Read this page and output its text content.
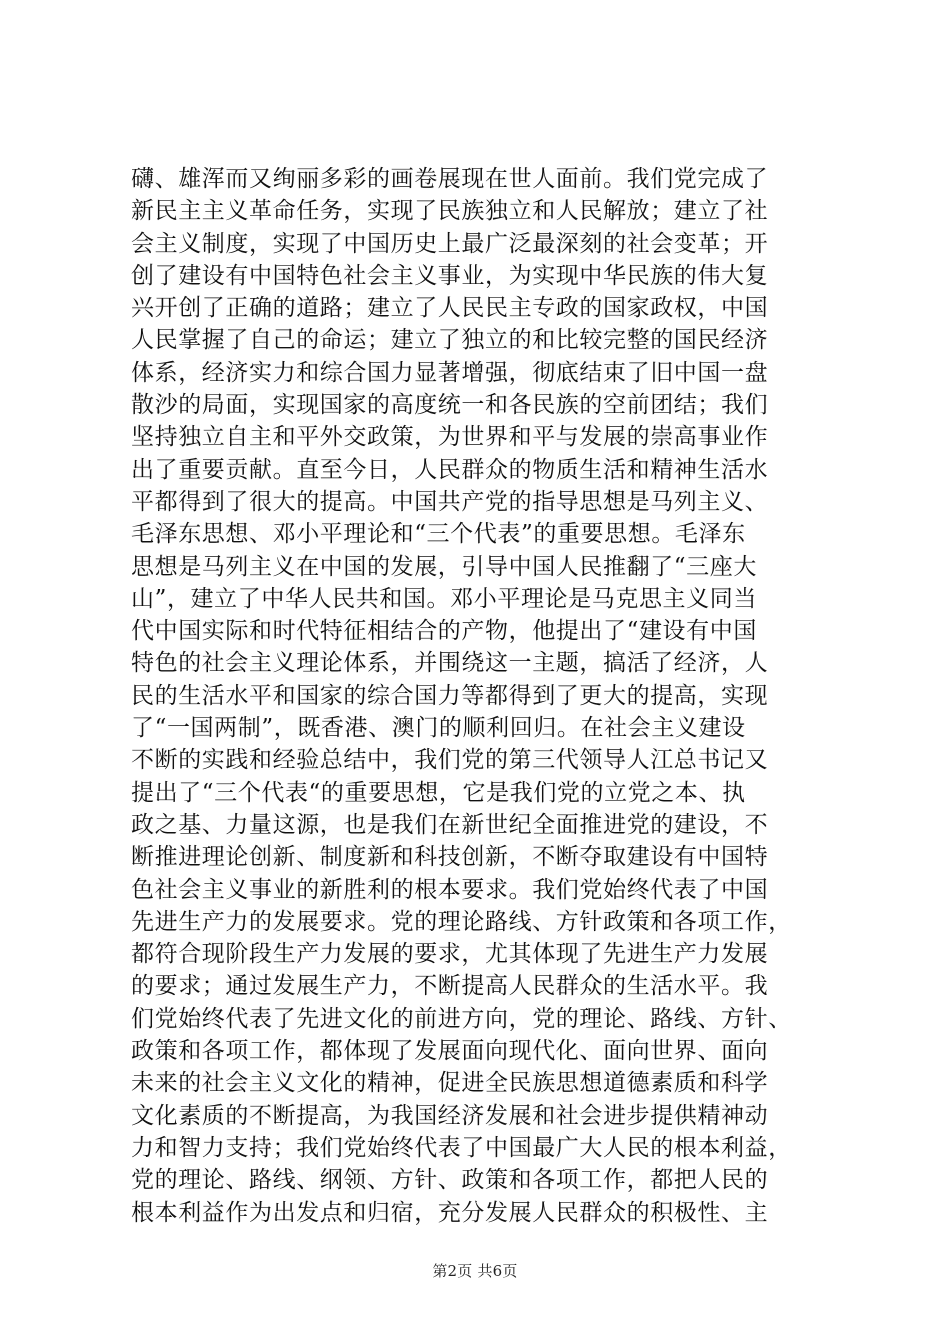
礴、雄浑而又绚丽多彩的画卷展现在世人面前。我们党完成了
新民主主义革命任务，实现了民族独立和人民解放；建立了社
会主义制度，实现了中国历史上最广泛最深刻的社会变革；开
创了建设有中国特色社会主义事业，为实现中华民族的伟大复
兴开创了正确的道路；建立了人民民主专政的国家政权，中国
人民掌握了自己的命运；建立了独立的和比较完整的国民经济
体系，经济实力和综合国力显著增强，彻底结束了旧中国一盘
散沙的局面，实现国家的高度统一和各民族的空前团结；我们
坚持独立自主和平外交政策，为世界和平与发展的崇高事业作
出了重要贡献。直至今日，人民群众的物质生活和精神生活水
平都得到了很大的提高。中国共产党的指导思想是马列主义、
毛泽东思想、邓小平理论和“三个代表”的重要思想。毛泽东
思想是马列主义在中国的发展，引导中国人民推翻了“三座大
山”，建立了中华人民共和国。邓小平理论是马克思主义同当
代中国实际和时代特征相结合的产物，他提出了“建设有中国
特色的社会主义理论体系，并围绕这一主题，搞活了经济，人
民的生活水平和国家的综合国力等都得到了更大的提高，实现
了“一国两制”，既香港、澳门的顺利回归。在社会主义建设
不断的实践和经验总结中，我们党的第三代领导人江总书记又
提出了“三个代表“的重要思想，它是我们党的立党之本、执
政之基、力量这源，也是我们在新世纪全面推进党的建设，不
断推进理论创新、制度新和科技创新，不断夺取建设有中国特
色社会主义事业的新胜利的根本要求。我们党始终代表了中国
先进生产力的发展要求。党的理论路线、方针政策和各项工作，
都符合现阶段生产力发展的要求，尤其体现了先进生产力发展
的要求；通过发展生产力，不断提高人民群众的生活水平。我
们党始终代表了先进文化的前进方向，党的理论、路线、方针、
政策和各项工作，都体现了发展面向现代化、面向世界、面向
未来的社会主义文化的精神，促进全民族思想道德素质和科学
文化素质的不断提高，为我国经济发展和社会进步提供精神动
力和智力支持；我们党始终代表了中国最广大人民的根本利益，
党的理论、路线、纲领、方针、政策和各项工作，都把人民的
根本利益作为出发点和归宿，充分发展人民群众的积极性、主
第2页 共6页
